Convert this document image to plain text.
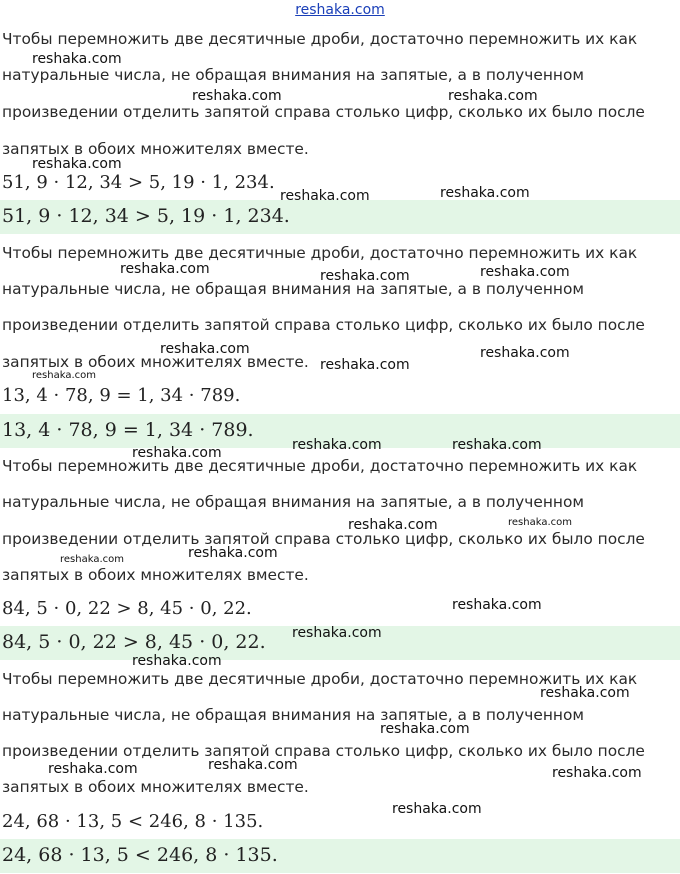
reshaka.com
Чтобы перемножить две десятичные дроби, достаточно перемножить их как
натуральные числа, не обращая внимания на запятые, а в полученном
произведении отделить запятой справа столько цифр, сколько их было после
запятых в обоих множителях вместе.
51, 9 · 12, 34 > 5, 19 · 1, 234.
51, 9 · 12, 34 > 5, 19 · 1, 234.
Чтобы перемножить две десятичные дроби, достаточно перемножить их как
натуральные числа, не обращая внимания на запятые, а в полученном
произведении отделить запятой справа столько цифр, сколько их было после
запятых в обоих множителях вместе.
13, 4 · 78, 9 = 1, 34 · 789.
13, 4 · 78, 9 = 1, 34 · 789.
Чтобы перемножить две десятичные дроби, достаточно перемножить их как
натуральные числа, не обращая внимания на запятые, а в полученном
произведении отделить запятой справа столько цифр, сколько их было после
запятых в обоих множителях вместе.
84, 5 · 0, 22 > 8, 45 · 0, 22.
84, 5 · 0, 22 > 8, 45 · 0, 22.
Чтобы перемножить две десятичные дроби, достаточно перемножить их как
натуральные числа, не обращая внимания на запятые, а в полученном
произведении отделить запятой справа столько цифр, сколько их было после
запятых в обоих множителях вместе.
24, 68 · 13, 5 < 246, 8 · 135.
24, 68 · 13, 5 < 246, 8 · 135.
reshaka.com
reshaka.com	reshaka.com
reshaka.com
reshaka.com	reshaka.com
reshaka.com	reshaka.com	reshaka.com
reshaka.com	reshaka.com
reshaka.com
reshaka.com
reshaka.com	reshaka.com
reshaka.com
reshaka.com	reshaka.com
reshaka.com
reshaka.com
reshaka.com
reshaka.com
reshaka.com
reshaka.com
reshaka.com
reshaka.com	reshaka.com	reshaka.com
reshaka.com
